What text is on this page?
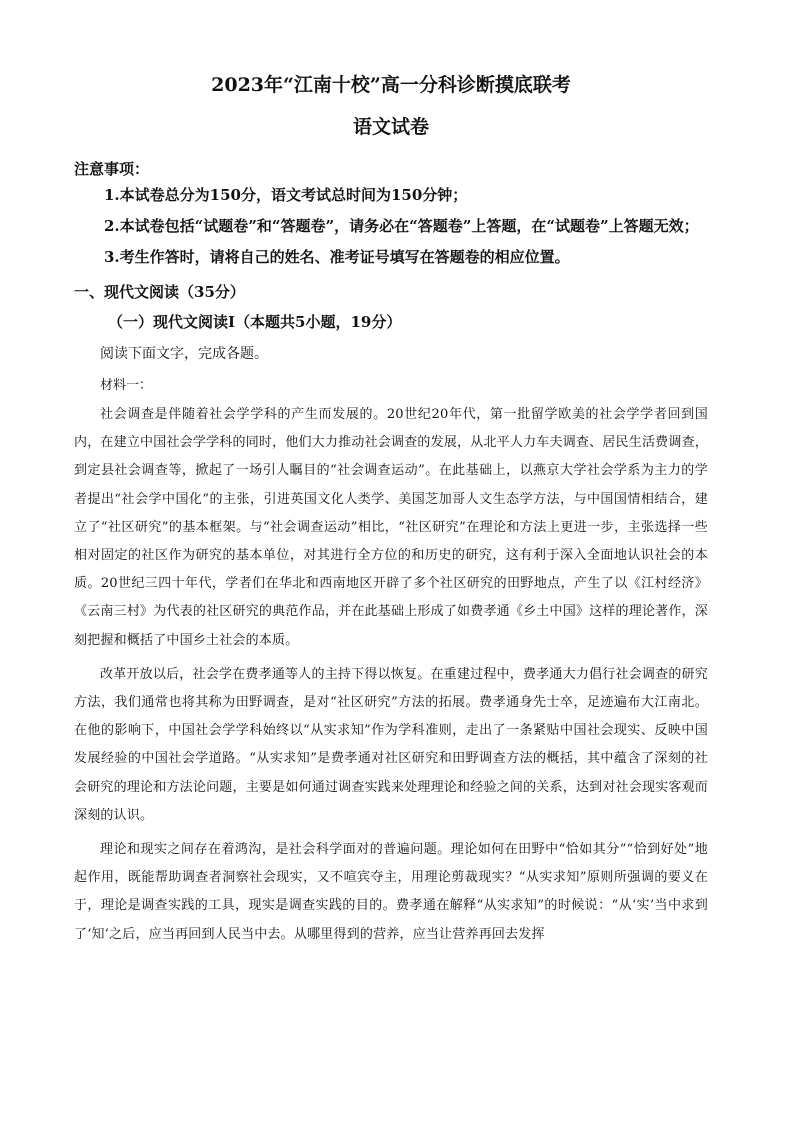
2023年“江南十校”高一分科诊断摸底联考
语文试卷

注意事项：

1.本试卷总分为150分，语文考试总时间为150分钟；

2.本试卷包括“试题卷”和“答题卷”，请务必在“答题卷”上答题，在“试题卷”上答题无效；

3.考生作答时，请将自己的姓名、准考证号填写在答题卷的相应位置。

一、现代文阅读（35分）

（一）现代文阅读Ⅰ（本题共5小题，19分）

阅读下面文字，完成各题。

材料一：

社会调查是伴随着社会学学科的产生而发展的。20世纪20年代，第一批留学欧美的社会学学者回到国内，在建立中国社会学学科的同时，他们大力推动社会调查的发展，从北平人力车夫调查、居民生活费调查，到定县社会调查等，掀起了一场引人瞩目的“社会调查运动”。在此基础上，以燕京大学社会学系为主力的学者提出“社会学中国化”的主张，引进英国文化人类学、美国芝加哥人文生态学方法，与中国国情相结合，建立了“社区研究”的基本框架。与“社会调查运动”相比，“社区研究”在理论和方法上更进一步，主张选择一些相对固定的社区作为研究的基本单位，对其进行全方位的和历史的研究，这有利于深入全面地认识社会的本质。20世纪三四十年代，学者们在华北和西南地区开辟了多个社区研究的田野地点，产生了以《江村经济》《云南三村》为代表的社区研究的典范作品，并在此基础上形成了如费孝通《乡土中国》这样的理论著作，深刻把握和概括了中国乡土社会的本质。

改革开放以后，社会学在费孝通等人的主持下得以恢复。在重建过程中，费孝通大力倡行社会调查的研究方法，我们通常也将其称为田野调查，是对“社区研究”方法的拓展。费孝通身先士卒，足迹遍布大江南北。在他的影响下，中国社会学学科始终以“从实求知”作为学科准则，走出了一条紧贴中国社会现实、反映中国发展经验的中国社会学道路。“从实求知”是费孝通对社区研究和田野调查方法的概括，其中蕴含了深刻的社会研究的理论和方法论问题，主要是如何通过调查实践来处理理论和经验之间的关系，达到对社会现实客观而深刻的认识。

理论和现实之间存在着鸿沟，是社会科学面对的普遍问题。理论如何在田野中“恰如其分”“恰到好处”地起作用，既能帮助调查者洞察社会现实，又不喧宾夺主，用理论剪裁现实？“从实求知”原则所强调的要义在于，理论是调查实践的工具，现实是调查实践的目的。费孝通在解释“从实求知”的时候说：“从‘实’当中求到了‘知’之后，应当再回到人民当中去。从哪里得到的营养，应当让营养再回去发挥
